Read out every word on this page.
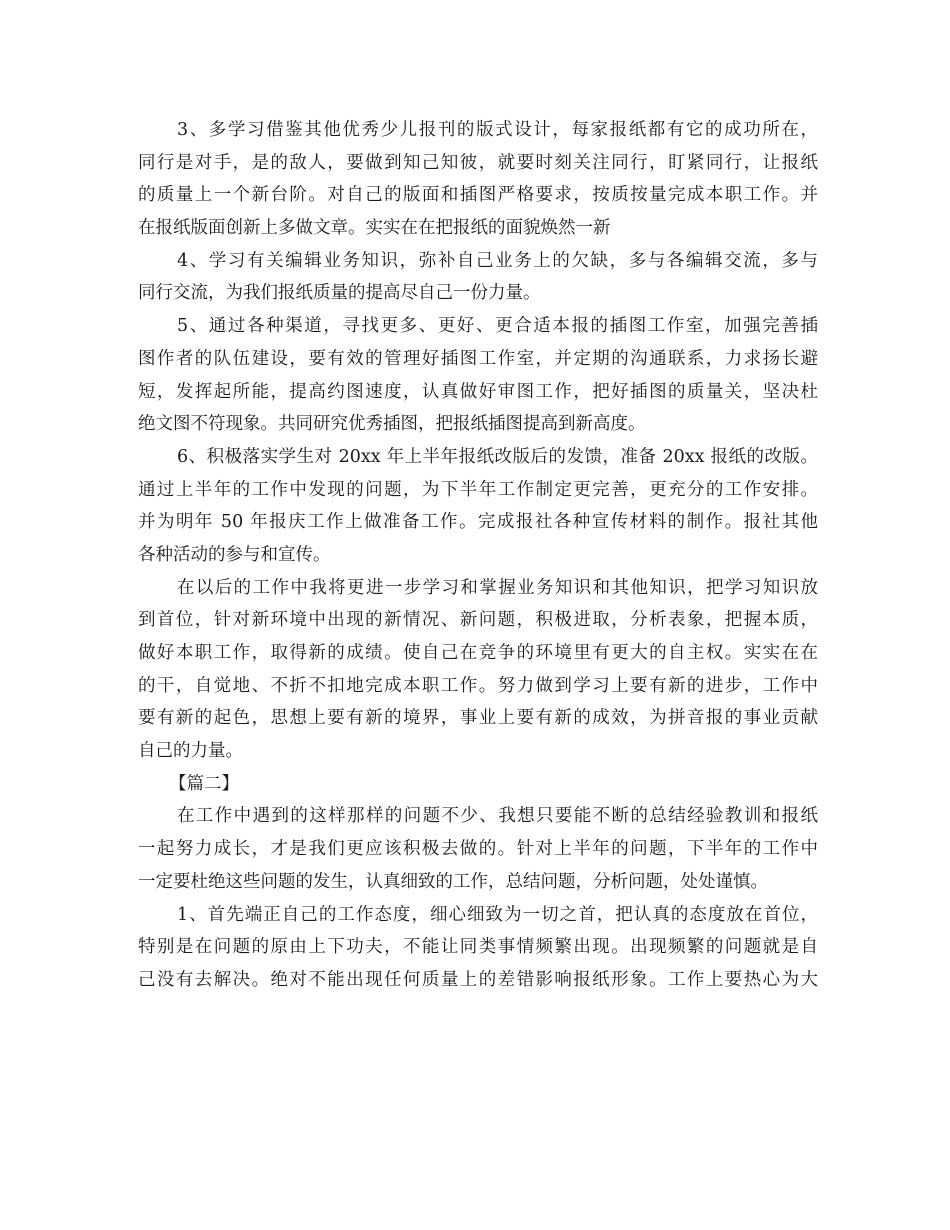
3、多学习借鉴其他优秀少儿报刊的版式设计，每家报纸都有它的成功所在，
同行是对手，是的敌人，要做到知己知彼，就要时刻关注同行，盯紧同行，让报纸
的质量上一个新台阶。对自己的版面和插图严格要求，按质按量完成本职工作。并
在报纸版面创新上多做文章。实实在在把报纸的面貌焕然一新
4、学习有关编辑业务知识，弥补自己业务上的欠缺，多与各编辑交流，多与
同行交流，为我们报纸质量的提高尽自己一份力量。
5、通过各种渠道，寻找更多、更好、更合适本报的插图工作室，加强完善插
图作者的队伍建设，要有效的管理好插图工作室，并定期的沟通联系，力求扬长避
短，发挥起所能，提高约图速度，认真做好审图工作，把好插图的质量关，坚决杜
绝文图不符现象。共同研究优秀插图，把报纸插图提高到新高度。
6、积极落实学生对 20xx 年上半年报纸改版后的发馈，准备 20xx 报纸的改版。
通过上半年的工作中发现的问题，为下半年工作制定更完善，更充分的工作安排。
并为明年 50 年报庆工作上做准备工作。完成报社各种宣传材料的制作。报社其他
各种活动的参与和宣传。
在以后的工作中我将更进一步学习和掌握业务知识和其他知识，把学习知识放
到首位，针对新环境中出现的新情况、新问题，积极进取，分析表象，把握本质，
做好本职工作，取得新的成绩。使自己在竞争的环境里有更大的自主权。实实在在
的干，自觉地、不折不扣地完成本职工作。努力做到学习上要有新的进步，工作中
要有新的起色，思想上要有新的境界，事业上要有新的成效，为拼音报的事业贡献
自己的力量。
【篇二】
在工作中遇到的这样那样的问题不少、我想只要能不断的总结经验教训和报纸
一起努力成长，才是我们更应该积极去做的。针对上半年的问题，下半年的工作中
一定要杜绝这些问题的发生，认真细致的工作，总结问题，分析问题，处处谨慎。
1、首先端正自己的工作态度，细心细致为一切之首，把认真的态度放在首位，
特别是在问题的原由上下功夫，不能让同类事情频繁出现。出现频繁的问题就是自
己没有去解决。绝对不能出现任何质量上的差错影响报纸形象。工作上要热心为大
